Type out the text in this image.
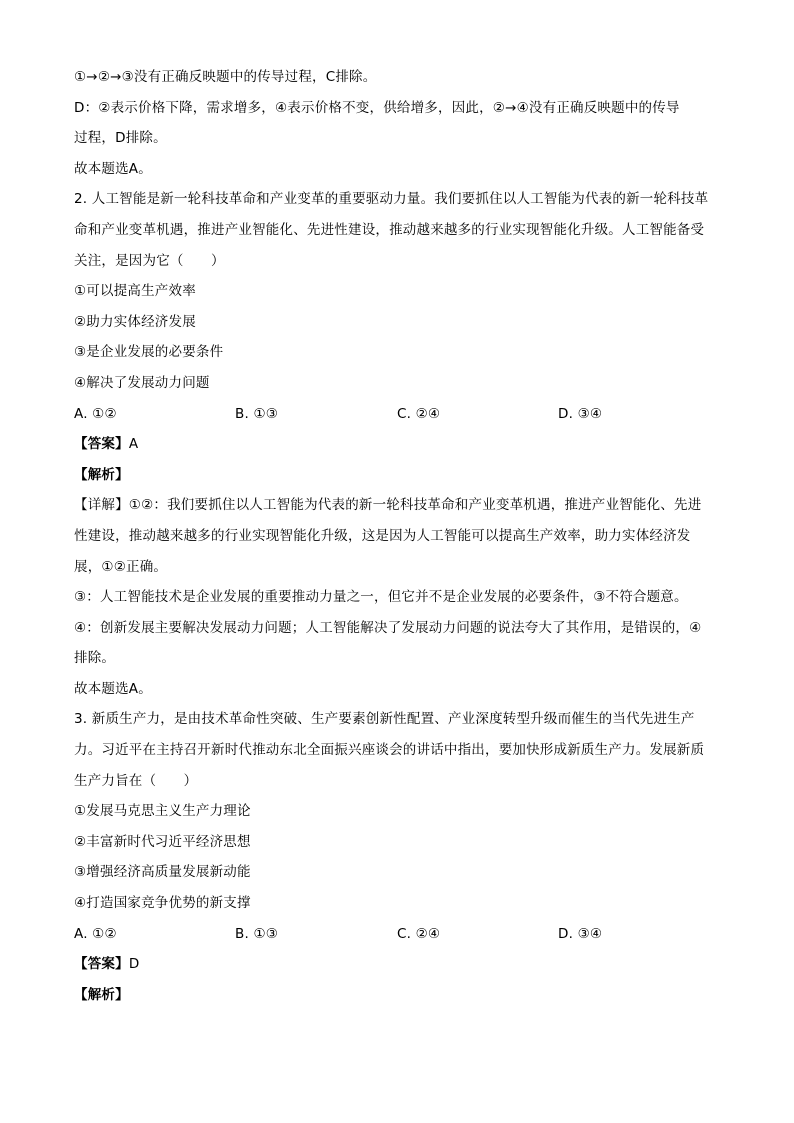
①→②→③没有正确反映题中的传导过程，C排除。
D：②表示价格下降，需求增多，④表示价格不变，供给增多，因此，②→④没有正确反映题中的传导
过程，D排除。
故本题选A。
2. 人工智能是新一轮科技革命和产业变革的重要驱动力量。我们要抓住以人工智能为代表的新一轮科技革
命和产业变革机遇，推进产业智能化、先进性建设，推动越来越多的行业实现智能化升级。人工智能备受
关注，是因为它（　　）
①可以提高生产效率
②助力实体经济发展
③是企业发展的必要条件
④解决了发展动力问题
A. ①②	B. ①③	C. ②④	D. ③④
【答案】A
【解析】
【详解】①②：我们要抓住以人工智能为代表的新一轮科技革命和产业变革机遇，推进产业智能化、先进
性建设，推动越来越多的行业实现智能化升级，这是因为人工智能可以提高生产效率，助力实体经济发
展，①②正确。
③：人工智能技术是企业发展的重要推动力量之一，但它并不是企业发展的必要条件，③不符合题意。
④：创新发展主要解决发展动力问题；人工智能解决了发展动力问题的说法夸大了其作用，是错误的，④
排除。
故本题选A。
3. 新质生产力，是由技术革命性突破、生产要素创新性配置、产业深度转型升级而催生的当代先进生产
力。习近平在主持召开新时代推动东北全面振兴座谈会的讲话中指出，要加快形成新质生产力。发展新质
生产力旨在（　　）
①发展马克思主义生产力理论
②丰富新时代习近平经济思想
③增强经济高质量发展新动能
④打造国家竞争优势的新支撑
A. ①②	B. ①③	C. ②④	D. ③④
【答案】D
【解析】
